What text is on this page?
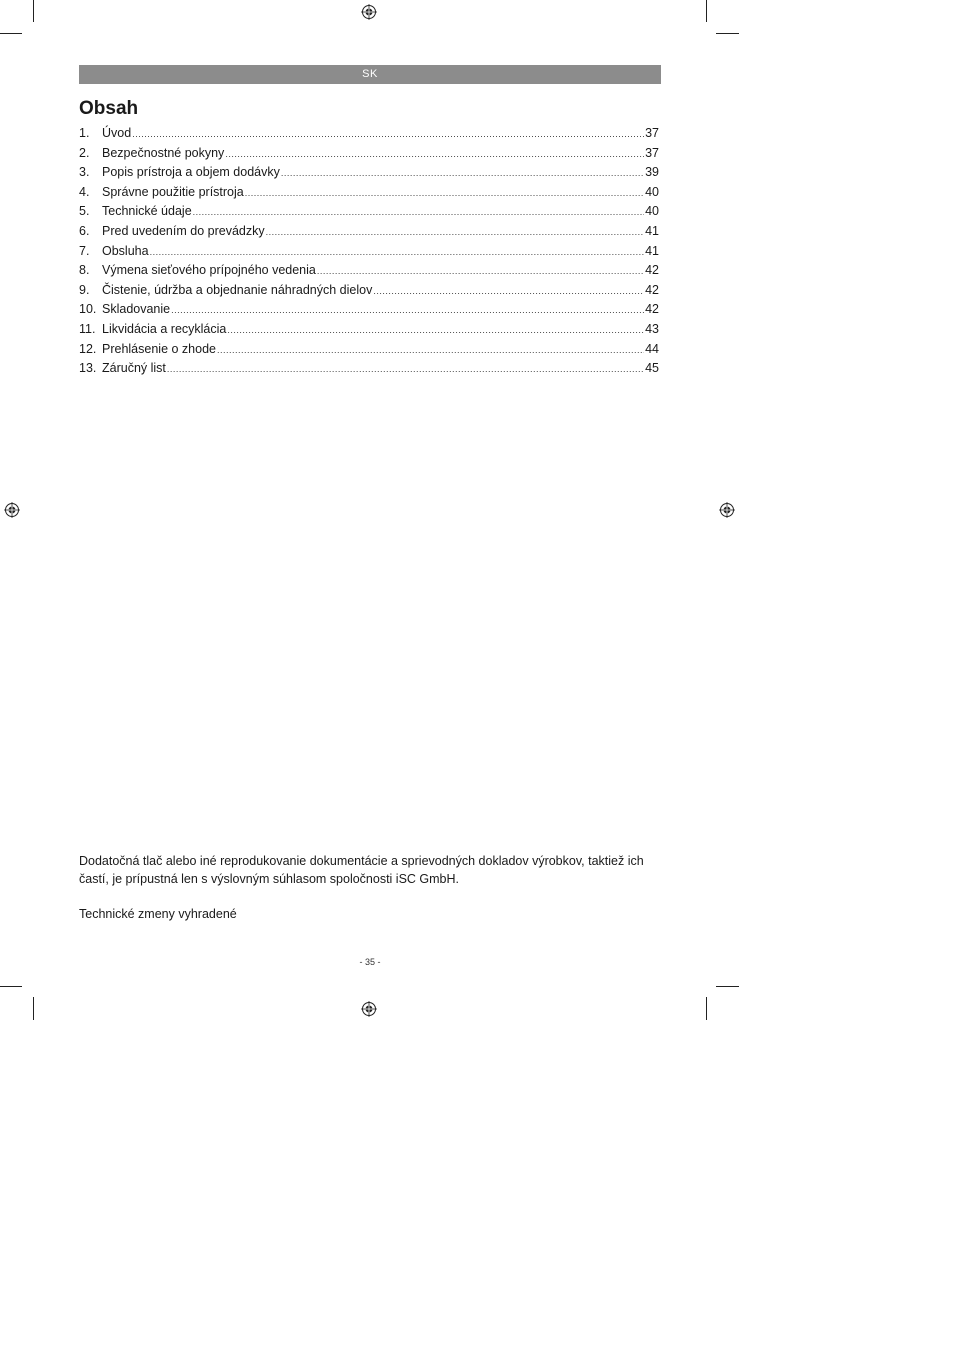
SK
Obsah
1.	Úvod .....	37
2.	Bezpečnostné pokyny .....	37
3.	Popis prístroja a objem dodávky .....	39
4.	Správne použitie prístroja .....	40
5.	Technické údaje .....	40
6.	Pred uvedením do prevádzky .....	41
7.	Obsluha .....	41
8.	Výmena sieťového prípojného vedenia .....	42
9.	Čistenie, údržba a objednanie náhradných dielov .....	42
10. Skladovanie .....	42
11. Likvidácia a recyklácia .....	43
12. Prehlásenie o zhode .....	44
13. Záručný list .....	45

Dodatočná tlač alebo iné reprodukovanie dokumentácie a sprievodných dokladov výrobkov, taktiež ich častí, je prípustná len s výslovným súhlasom spoločnosti iSC GmbH.

Technické zmeny vyhradené

- 35 -
